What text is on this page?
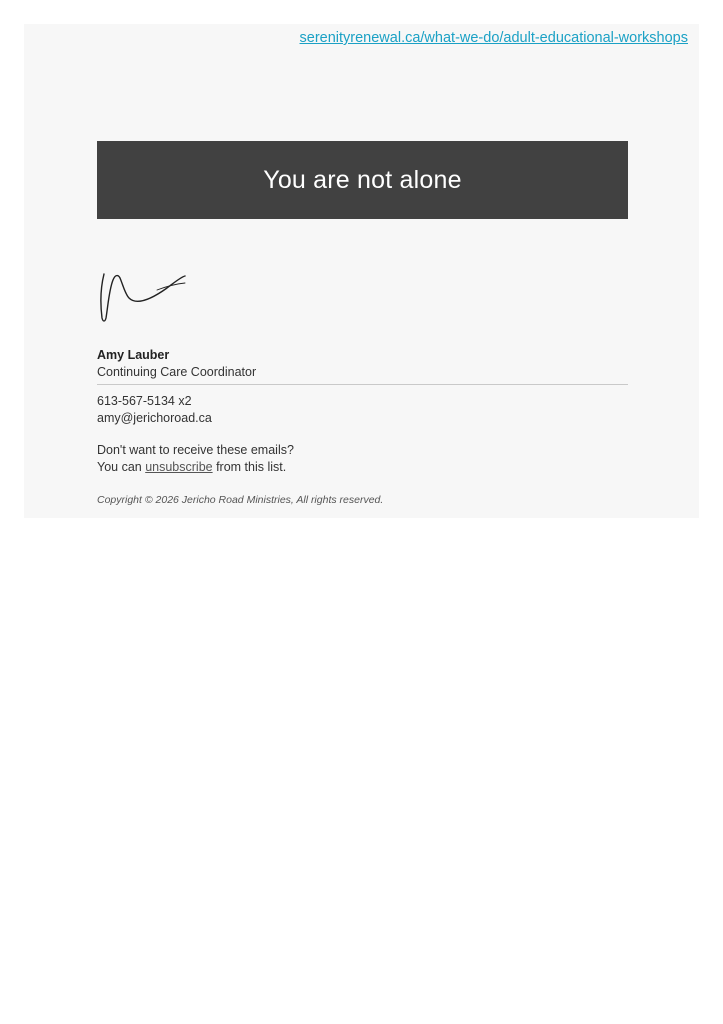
serenityrenewal.ca/what-we-do/adult-educational-workshops
You are not alone
Amy Lauber
Continuing Care Coordinator
613-567-5134 x2
amy@jerichoroad.ca
Don't want to receive these emails?
You can unsubscribe from this list.
Copyright © 2026 Jericho Road Ministries, All rights reserved.
